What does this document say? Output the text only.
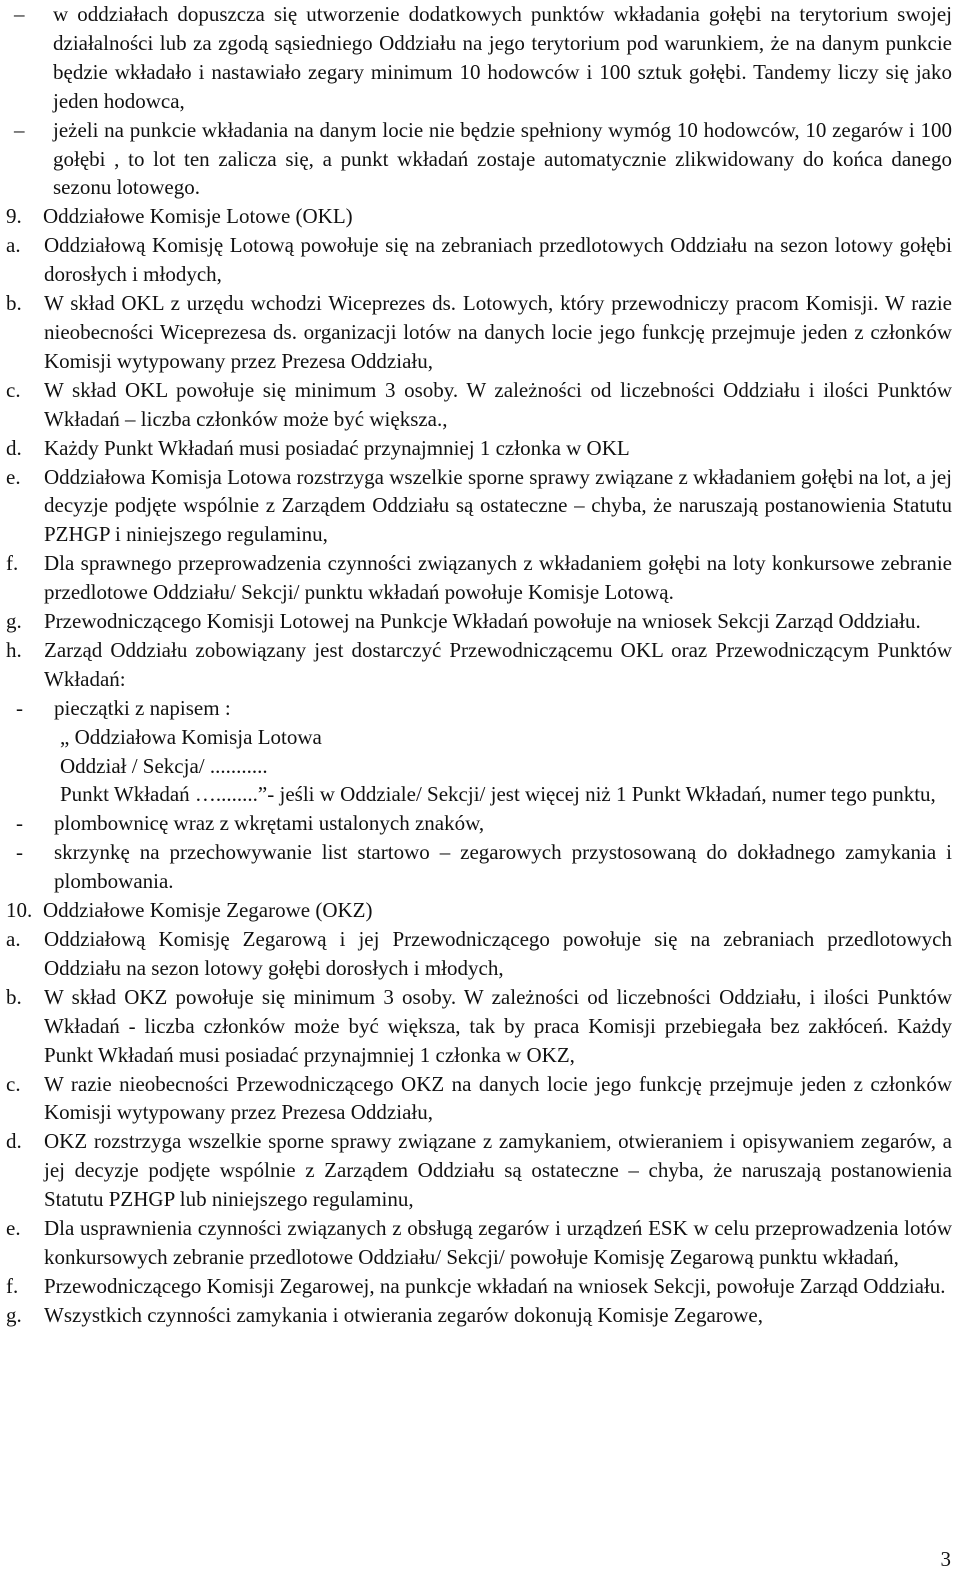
–	w oddziałach dopuszcza się utworzenie dodatkowych punktów wkładania gołębi na terytorium swojej działalności lub za zgodą sąsiedniego Oddziału na jego terytorium pod warunkiem, że na danym punkcie będzie wkładało i nastawiało zegary minimum 10 hodowców i 100 sztuk gołębi. Tandemy liczy się jako jeden hodowca,
–	jeżeli na punkcie wkładania na danym locie nie będzie spełniony wymóg 10 hodowców, 10 zegarów i 100 gołębi , to lot ten zalicza się, a punkt wkładań zostaje automatycznie zlikwidowany do końca danego sezonu lotowego.
9.	Oddziałowe Komisje Lotowe (OKL)
a.	Oddziałową Komisję Lotową powołuje się na zebraniach przedlotowych Oddziału na sezon lotowy gołębi dorosłych i młodych,
b.	W skład OKL z urzędu wchodzi Wiceprezes ds. Lotowych, który przewodniczy pracom Komisji. W razie nieobecności Wiceprezesa ds. organizacji lotów na danych locie jego funkcję przejmuje jeden z członków Komisji wytypowany przez Prezesa Oddziału,
c.	W skład OKL powołuje się minimum 3 osoby. W zależności od liczebności Oddziału i ilości Punktów Wkładań – liczba członków może być większa.,
d.	Każdy Punkt Wkładań musi posiadać przynajmniej 1 członka w OKL
e.	Oddziałowa Komisja Lotowa rozstrzyga wszelkie sporne sprawy związane z wkładaniem gołębi na lot, a jej decyzje podjęte wspólnie z Zarządem Oddziału są ostateczne – chyba, że naruszają postanowienia Statutu PZHGP i niniejszego regulaminu,
f.	Dla sprawnego przeprowadzenia czynności związanych z wkładaniem gołębi na loty konkursowe zebranie przedlotowe Oddziału/ Sekcji/ punktu wkładań powołuje Komisje Lotową.
g.	Przewodniczącego Komisji Lotowej na Punkcje Wkładań powołuje na wniosek Sekcji Zarząd Oddziału.
h.	Zarząd Oddziału zobowiązany jest dostarczyć Przewodniczącemu OKL oraz Przewodniczącym Punktów Wkładań:
-	pieczątki z napisem :
„ Oddziałowa Komisja Lotowa
Oddział / Sekcja/ ...........
Punkt Wkładań …........”- jeśli w Oddziale/ Sekcji/ jest więcej niż 1 Punkt Wkładań, numer tego punktu,
-	plombownicę wraz z wkrętami ustalonych znaków,
-	skrzynkę na przechowywanie list startowo – zegarowych przystosowaną do dokładnego zamykania i plombowania.
10. Oddziałowe Komisje Zegarowe (OKZ)
a.	Oddziałową Komisję Zegarową i jej Przewodniczącego powołuje się na zebraniach przedlotowych Oddziału na sezon lotowy gołębi dorosłych i młodych,
b.	W skład OKZ powołuje się minimum 3 osoby. W zależności od liczebności Oddziału, i ilości Punktów Wkładań - liczba członków może być większa, tak by praca Komisji przebiegała bez zakłóceń. Każdy Punkt Wkładań musi posiadać przynajmniej 1 członka w OKZ,
c.	W razie nieobecności Przewodniczącego OKZ na danych locie jego funkcję przejmuje jeden z członków Komisji wytypowany przez Prezesa Oddziału,
d.	OKZ rozstrzyga wszelkie sporne sprawy związane z zamykaniem, otwieraniem i opisywaniem zegarów, a jej decyzje podjęte wspólnie z Zarządem Oddziału są ostateczne – chyba, że naruszają postanowienia Statutu PZHGP lub niniejszego regulaminu,
e.	Dla usprawnienia czynności związanych z obsługą zegarów i urządzeń ESK w celu przeprowadzenia lotów konkursowych zebranie przedlotowe Oddziału/ Sekcji/ powołuje Komisję Zegarową punktu wkładań,
f.	Przewodniczącego Komisji Zegarowej, na punkcje wkładań na wniosek Sekcji, powołuje Zarząd Oddziału.
g.	Wszystkich czynności zamykania i otwierania zegarów dokonują Komisje Zegarowe,
3
